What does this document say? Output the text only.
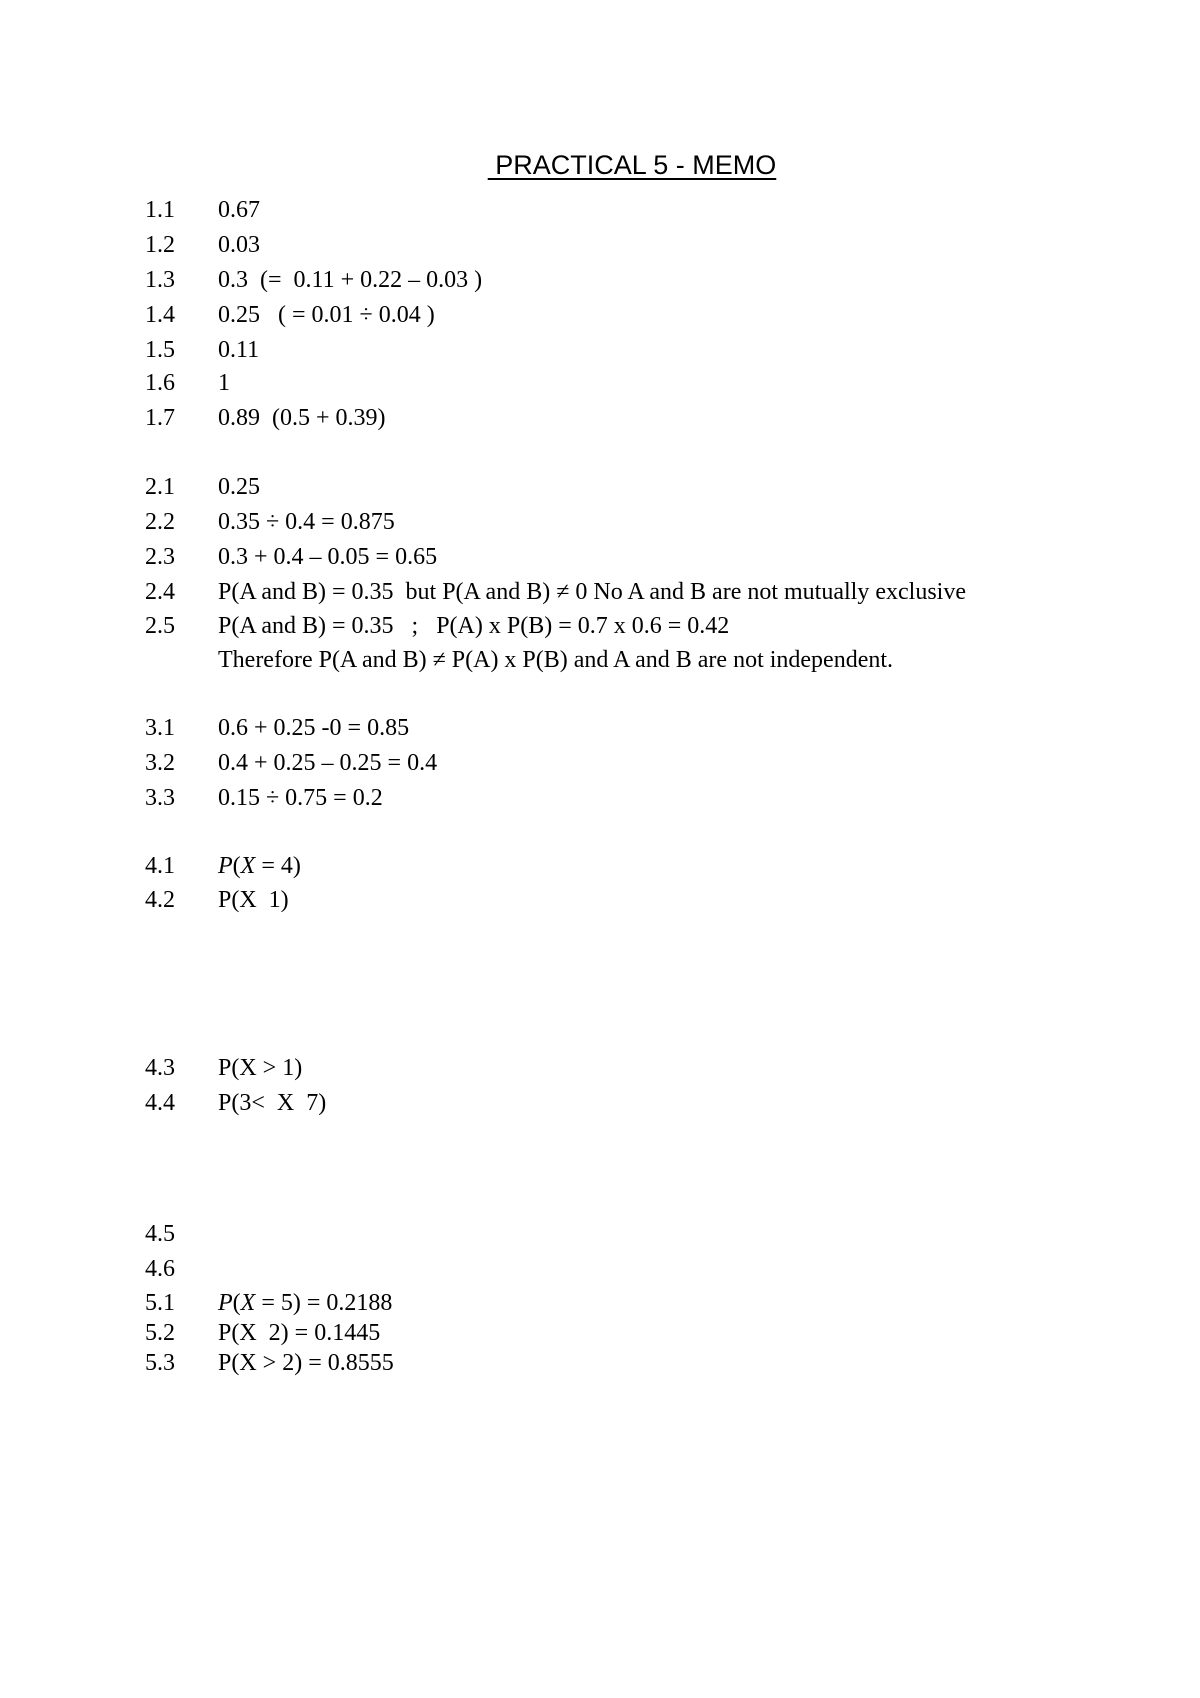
PRACTICAL 5 - MEMO
1.1	0.67
1.2	0.03
1.3	0.3  (=  0.11 + 0.22 – 0.03 )
1.4	0.25   ( = 0.01 ÷ 0.04 )
1.5	0.11
1.6	1
1.7	0.89  (0.5 + 0.39)
2.1	0.25
2.2	0.35 ÷ 0.4 = 0.875
2.3	0.3 + 0.4 – 0.05 = 0.65
2.4	P(A and B) = 0.35  but P(A and B) ≠ 0 No A and B are not mutually exclusive
2.5	P(A and B) = 0.35   ;   P(A) x P(B) = 0.7 x 0.6 = 0.42
Therefore P(A and B) ≠ P(A) x P(B) and A and B are not independent.
3.1	0.6 + 0.25 -0 = 0.85
3.2	0.4 + 0.25 – 0.25 = 0.4
3.3	0.15 ÷ 0.75 = 0.2
4.1	P(X = 4)
4.2	P(X  1)
4.3	P(X > 1)
4.4	P(3<  X  7)
4.5
4.6
5.1	P(X = 5) = 0.2188
5.2	P(X  2) = 0.1445
5.3	P(X > 2) = 0.8555
